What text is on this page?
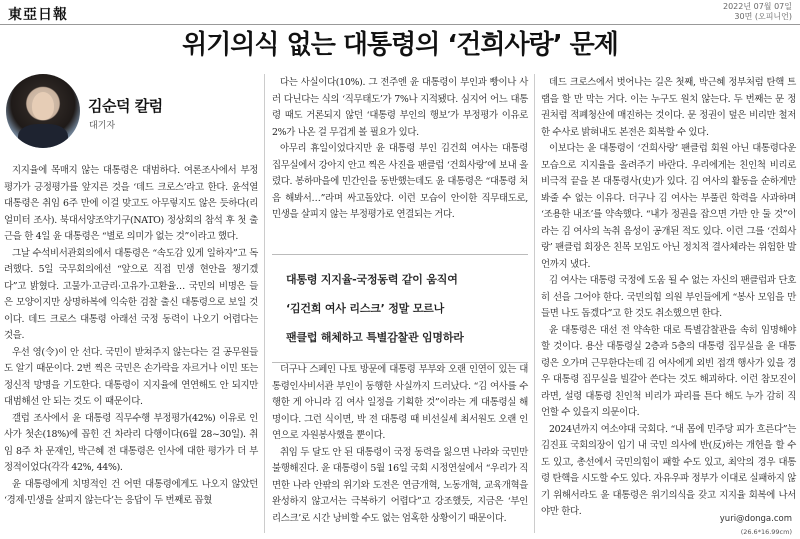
東亞日報
2022년 07월 07일
30면 (오피니언)
위기의식 없는 대통령의 ‘건희사랑’ 문제
김순덕 칼럼
대기자

지지율에 목매지 않는 대통령은 대범하다. 여론조사에서 부정평가가 긍정평가를 앞지른 것을 ‘데드 크로스’라고 한다. 윤석열 대통령은 취임 6주 만에 이걸 맞고도 아무렇지도 않은 듯하다(리얼미터 조사). 북대서양조약기구(NATO) 정상회의 참석 후 첫 출근을 한 4일 윤 대통령은 “별로 의미가 없는 것”이라고 했다.

그날 수석비서관회의에서 대통령은 “속도감 있게 일하자”고 독려했다. 5일 국무회의에선 “앞으로 직접 민생 현안을 챙기겠다”고 밝혔다. 고물가·고금리·고유가·고환율… 국민의 비명은 들은 모양이지만 상명하복에 익숙한 검찰 출신 대통령으로 보일 것이다. 데드 크로스 대통령 아래선 국정 동력이 나오기 어렵다는 것을.

우선 영(令)이 안 선다. 국민이 받쳐주지 않는다는 걸 공무원들도 알기 때문이다. 2번 찍은 국민은 손가락을 자르거나 이민 또는 정신적 망명을 기도한다. 대통령이 지지율에 연연해도 안 되지만 대범해선 안 되는 것도 이 때문이다.

갤럽 조사에서 윤 대통령 직무수행 부정평가(42%) 이유로 인사가 첫손(18%)에 꼽힌 건 차라리 다행이다(6월 28~30일). 취임 8주 차 문재인, 박근혜 전 대통령은 인사에 대한 평가가 더 부정적이었다(각각 42%, 44%).

윤 대통령에게 치명적인 건 어떤 대통령에게도 나오지 않았던 ‘경제·민생을 살피지 않는다’는 응답이 두 번째로 꼽혔

다는 사실이다(10%). 그 전주엔 윤 대통령이 부인과 빵이나 사러 다닌다는 식의 ‘직무태도’가 7%나 지적됐다. 심지어 어느 대통령 때도 거론되지 않던 ‘대통령 부인의 행보’가 부정평가 이유로 2%가 나온 걸 무겁게 볼 필요가 있다.

아무리 휴일이었다지만 윤 대통령 부인 김건희 여사는 대통령 집무실에서 강아지 안고 찍은 사진을 팬클럽 ‘건희사랑’에 보내 올렸다. 봉하마을에 민간인을 동반했는데도 윤 대통령은 “대통령 처음 해봐서…”라며 싸고돌았다. 이런 모습이 안이한 직무태도로, 민생을 살피지 않는 부정평가로 연결되는 거다.

대통령 지지율-국정동력 같이 움직여
‘김건희 여사 리스크’ 정말 모르나
팬클럽 해체하고 특별감찰관 임명하라

더구나 스페인 나토 방문에 대통령 부부와 오랜 인연이 있는 대통령인사비서관 부인이 동행한 사실까지 드러났다. “김 여사를 수행한 게 아니라 김 여사 일정을 기획한 것”이라는 게 대통령실 해명이다. 그런 식이면, 박 전 대통령 때 비선실세 최서원도 오랜 인연으로 자원봉사했을 뿐이다.

취임 두 달도 안 된 대통령이 국정 동력을 잃으면 나라와 국민만 불행해진다. 윤 대통령이 5월 16일 국회 시정연설에서 “우리가 직면한 나라 안팎의 위기와 도전은 연금개혁, 노동개혁, 교육개혁을 완성하지 않고서는 극복하기 어렵다”고 강조했듯, 지금은 ‘부인 리스크’로 시간 낭비할 수도 없는 엄혹한 상황이기 때문이다.

데드 크로스에서 벗어나는 길은 첫째, 박근혜 정부처럼 탄핵 트랩을 할 만 막는 거다. 이는 누구도 원치 않는다. 두 번째는 문 정권처럼 적폐청산에 매진하는 것이다. 문 정권이 덮은 비리만 철저한 수사로 밝혀내도 본전은 회복할 수 있다.

이보다는 윤 대통령이 ‘건희사랑’ 팬클럽 회원 아닌 대통령다운 모습으로 지지율을 올려주기 바란다. 우리에게는 친인척 비리로 비극적 끝을 본 대통령사(史)가 있다. 김 여사의 활동을 순하게만 봐줄 수 없는 이유다. 더구나 김 여사는 부풀린 학력을 사과하며 ‘조용한 내조’를 약속했다. “내가 정권을 잡으면 가만 안 둘 것”이라는 김 여사의 녹취 음성이 공개된 적도 있다. 이런 그를 ‘건희사랑’ 팬클럽 회장은 친목 모임도 아닌 정치적 결사체라는 위험한 발언까지 냈다.

김 여사는 대통령 국정에 도움 될 수 없는 자신의 팬클럽과 단호히 선을 그어야 한다. 국민의힘 의원 부인들에게 “봉사 모임을 만들면 나도 돕겠다”고 한 것도 취소했으면 한다.

윤 대통령은 대선 전 약속한 대로 특별감찰관을 속히 임명해야 할 것이다. 용산 대통령실 2층과 5층의 대통령 집무실을 윤 대통령은 오가며 근무한다는데 김 여사에게 외빈 접객 행사가 있을 경우 대통령 집무실을 빌갈아 쓴다는 것도 해괴하다. 이런 참모진이라면, 설령 대통령 친인척 비리가 파리를 튼다 해도 누가 감히 직언할 수 있을지 의문이다.

2024년까지 여소야대 국회다. “내 몸에 민주당 피가 흐른다”는 김진표 국회의장이 입기 내 국민 의사에 반(反)하는 개헌을 할 수도 있고, 총선에서 국민의힘이 패할 수도 있고, 최악의 경우 대통령 탄핵을 시도할 수도 있다. 자유우파 정부가 이대로 실패하지 않기 위해서라도 윤 대통령은 위기의식을 갖고 지지율 회복에 나서야만 한다.

yuri@donga.com
(26.6*16.99cm)
